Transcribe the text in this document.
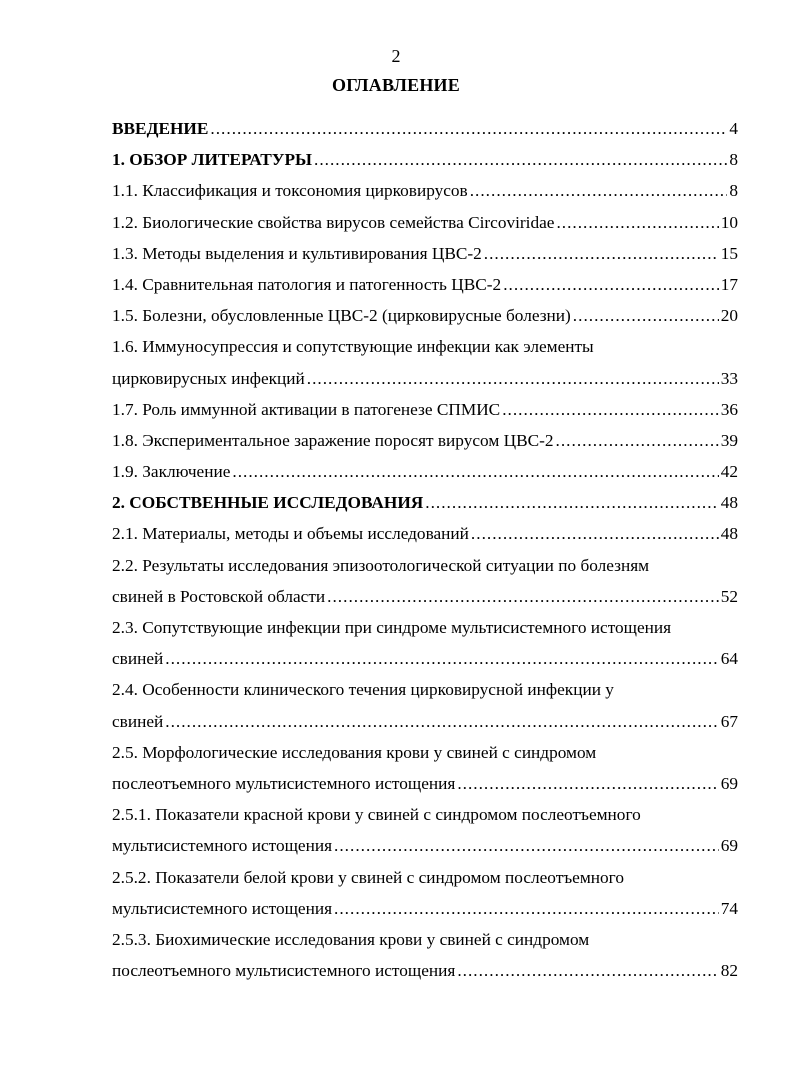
2
ОГЛАВЛЕНИЕ
ВВЕДЕНИЕ .....	4
1. ОБЗОР ЛИТЕРАТУРЫ .....	8
1.1. Классификация и токсономия цирковирусов .....	8
1.2. Биологические свойства вирусов семейства Circoviridae .....	10
1.3. Методы выделения и культивирования ЦВС-2 .....	15
1.4. Сравнительная патология и патогенность ЦВС-2 .....	17
1.5. Болезни, обусловленные ЦВС-2 (цирковирусные болезни) .....	20
1.6. Иммуносупрессия и сопутствующие инфекции как элементы
цирковирусных инфекций .....	33
1.7. Роль иммунной активации в патогенезе СПМИС .....	36
1.8. Экспериментальное заражение поросят вирусом ЦВС-2 .....	39
1.9. Заключение .....	42
2. СОБСТВЕННЫЕ ИССЛЕДОВАНИЯ .....	48
2.1. Материалы, методы и объемы исследований .....	48
2.2. Результаты исследования эпизоотологической ситуации по болезням
свиней в Ростовской области .....	52
2.3. Сопутствующие инфекции при синдроме мультисистемного истощения
свиней .....	64
2.4. Особенности клинического течения цирковирусной инфекции у
свиней .....	67
2.5. Морфологические исследования крови у свиней с синдромом
послеотъемного мультисистемного истощения .....	69
2.5.1. Показатели красной крови у свиней с синдромом послеотъемного
мультисистемного истощения .....	69
2.5.2. Показатели белой крови у свиней с синдромом послеотъемного
мультисистемного истощения .....	74
2.5.3. Биохимические исследования крови у свиней с синдромом
послеотъемного мультисистемного истощения .....	82
